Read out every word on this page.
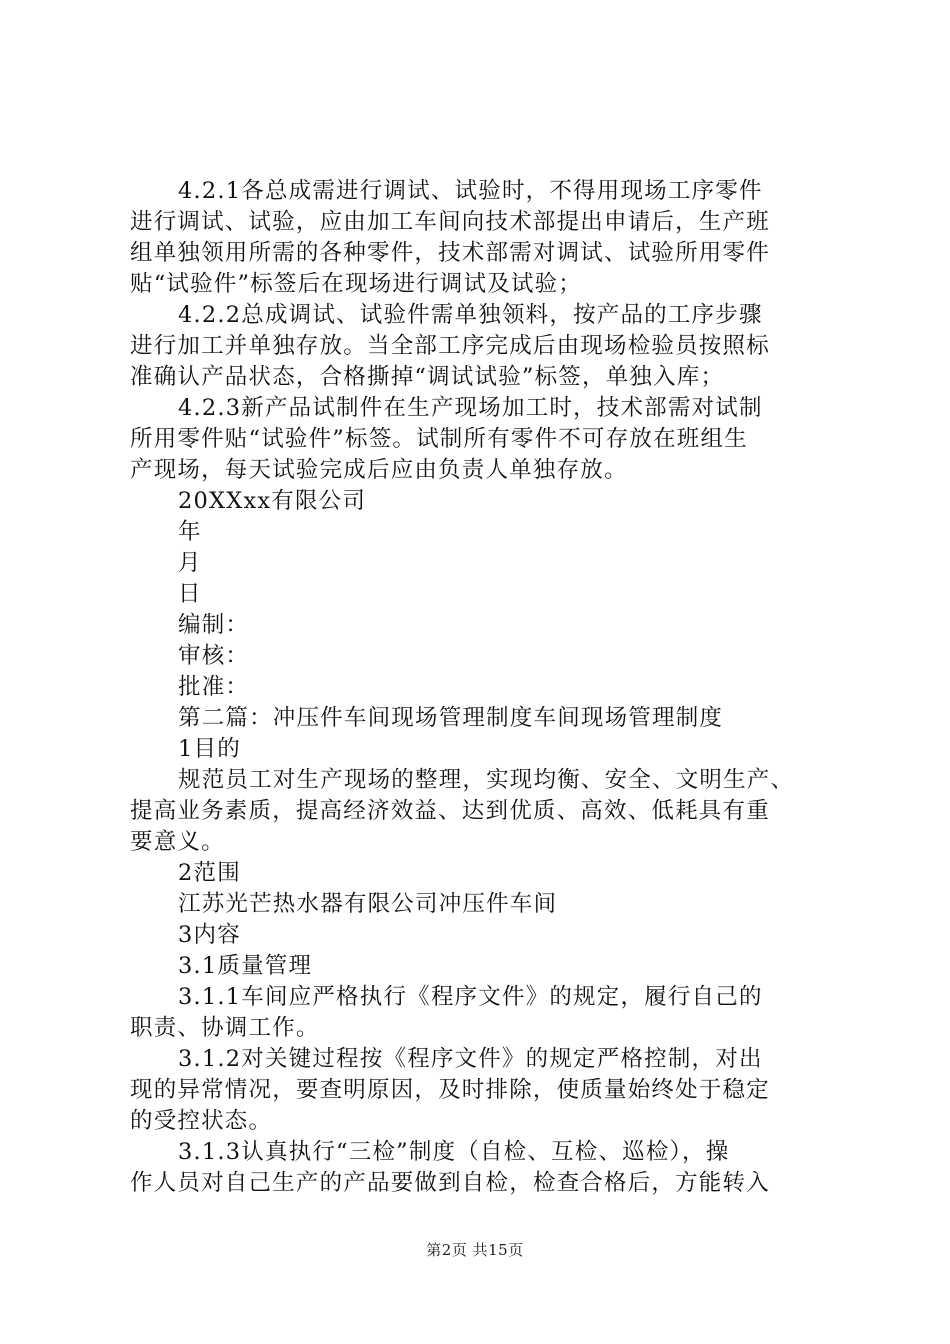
4.2.1各总成需进行调试、试验时，不得用现场工序零件
进行调试、试验，应由加工车间向技术部提出申请后，生产班
组单独领用所需的各种零件，技术部需对调试、试验所用零件
贴“试验件”标签后在现场进行调试及试验；
4.2.2总成调试、试验件需单独领料，按产品的工序步骤
进行加工并单独存放。当全部工序完成后由现场检验员按照标
准确认产品状态，合格撕掉“调试试验”标签，单独入库；
4.2.3新产品试制件在生产现场加工时，技术部需对试制
所用零件贴“试验件”标签。试制所有零件不可存放在班组生
产现场，每天试验完成后应由负责人单独存放。
20XXxx有限公司
年
月
日
编制：
审核：
批准：
第二篇：冲压件车间现场管理制度车间现场管理制度
1目的
规范员工对生产现场的整理，实现均衡、安全、文明生产、
提高业务素质，提高经济效益、达到优质、高效、低耗具有重
要意义。
2范围
江苏光芒热水器有限公司冲压件车间
3内容
3.1质量管理
3.1.1车间应严格执行《程序文件》的规定，履行自己的
职责、协调工作。
3.1.2对关键过程按《程序文件》的规定严格控制，对出
现的异常情况，要查明原因，及时排除，使质量始终处于稳定
的受控状态。
3.1.3认真执行“三检”制度（自检、互检、巡检），操
作人员对自己生产的产品要做到自检，检查合格后，方能转入
第2页 共15页
